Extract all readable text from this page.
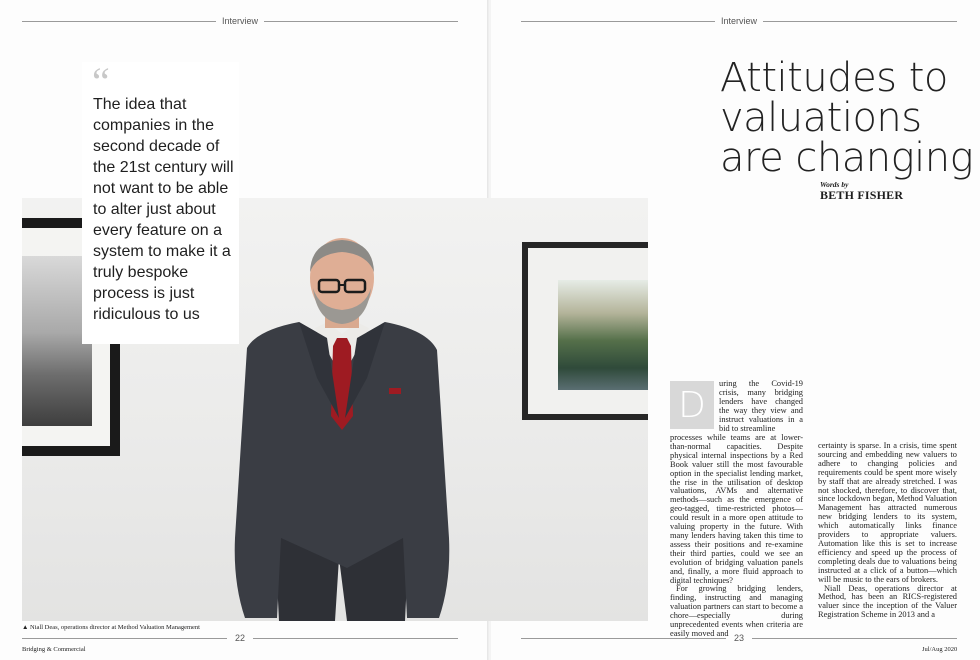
Interview	Interview
“
The idea that companies in the second decade of the 21st century will not want to be able to alter just about every feature on a system to make it a truly bespoke process is just ridiculous to us
▲ Niall Deas, operations director at Method Valuation Management
22
Bridging & Commercial
23
Jul/Aug 2020
Attitudes to
valuations
are changing
Words by
BETH FISHER
D
uring the Covid-19 crisis, many bridging lenders have changed the way they view and instruct valuations in a bid to streamline
processes while teams are at lower-than-normal capacities. Despite physical internal inspections by a Red Book valuer still the most favourable option in the specialist lending market, the rise in the utilisation of desktop valuations, AVMs and alternative methods—such as the emergence of geo-tagged, time-restricted photos—could result in a more open attitude to valuing property in the future. With many lenders having taken this time to assess their positions and re-examine their third parties, could we see an evolution of bridging valuation panels and, finally, a more fluid approach to digital techniques?
For growing bridging lenders, finding, instructing and managing valuation partners can start to become a chore—especially during unprecedented events when criteria are easily moved and
certainty is sparse. In a crisis, time spent sourcing and embedding new valuers to adhere to changing policies and requirements could be spent more wisely by staff that are already stretched. I was not shocked, therefore, to discover that, since lockdown began, Method Valuation Management has attracted numerous new bridging lenders to its system, which automatically links finance providers to appropriate valuers. Automation like this is set to increase efficiency and speed up the process of completing deals due to valuations being instructed at a click of a button—which will be music to the ears of brokers.
Niall Deas, operations director at Method, has been an RICS-registered valuer since the inception of the Valuer Registration Scheme in 2013 and a
